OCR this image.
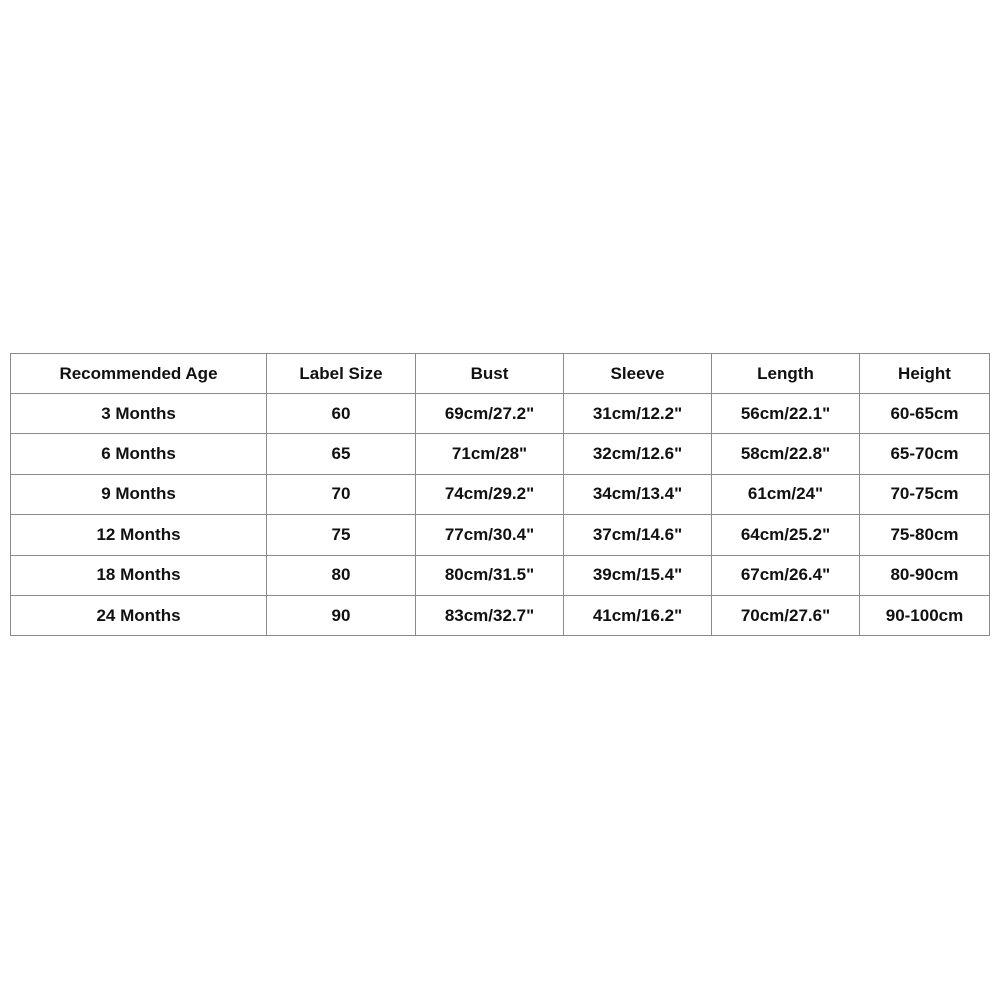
Recommended Age	Label Size	Bust	Sleeve	Length	Height
3 Months	60	69cm/27.2"	31cm/12.2"	56cm/22.1"	60-65cm
6 Months	65	71cm/28"	32cm/12.6"	58cm/22.8"	65-70cm
9 Months	70	74cm/29.2"	34cm/13.4"	61cm/24"	70-75cm
12 Months	75	77cm/30.4"	37cm/14.6"	64cm/25.2"	75-80cm
18 Months	80	80cm/31.5"	39cm/15.4"	67cm/26.4"	80-90cm
24 Months	90	83cm/32.7"	41cm/16.2"	70cm/27.6"	90-100cm
